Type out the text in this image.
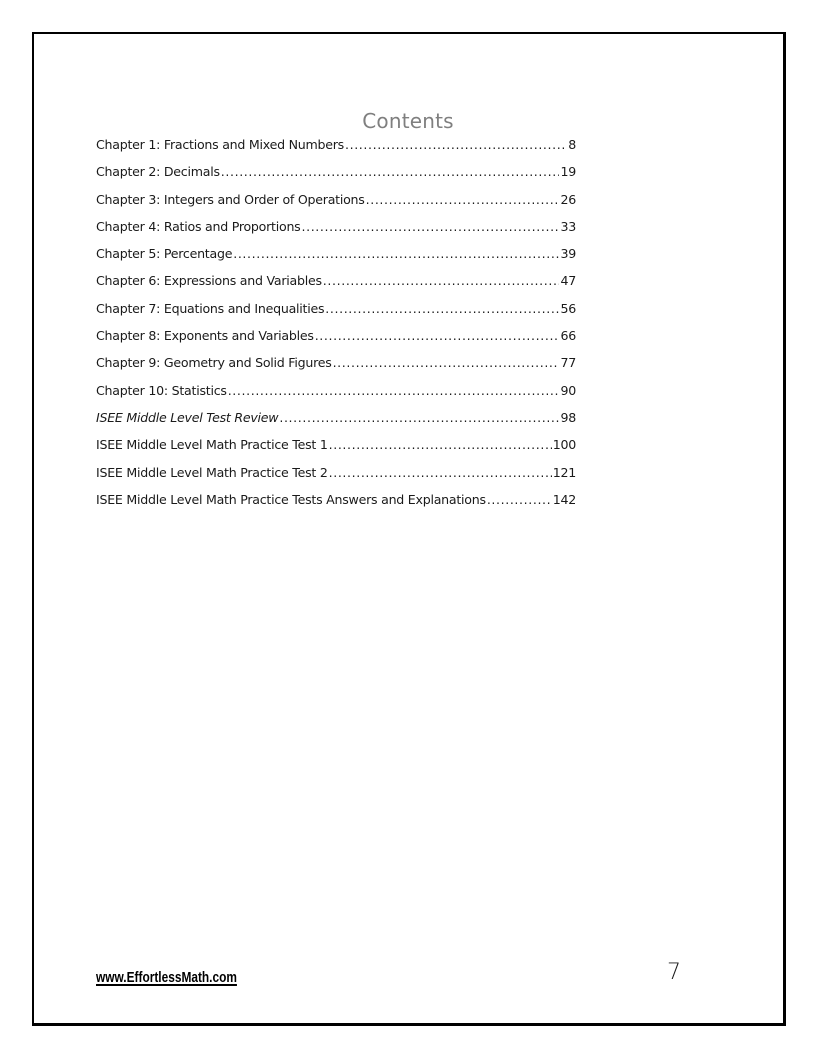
Contents
Chapter 1: Fractions and Mixed Numbers .....	8
Chapter 2: Decimals .....	19
Chapter 3: Integers and Order of Operations .....	26
Chapter 4: Ratios and Proportions .....	33
Chapter 5: Percentage .....	39
Chapter 6: Expressions and Variables .....	47
Chapter 7: Equations and Inequalities .....	56
Chapter 8: Exponents and Variables .....	66
Chapter 9: Geometry and Solid Figures .....	77
Chapter 10: Statistics .....	90
ISEE Middle Level Test Review .....	98
ISEE Middle Level Math Practice Test 1 .....	100
ISEE Middle Level Math Practice Test 2 .....	121
ISEE Middle Level Math Practice Tests Answers and Explanations .....	142
www.EffortlessMath.com	7
